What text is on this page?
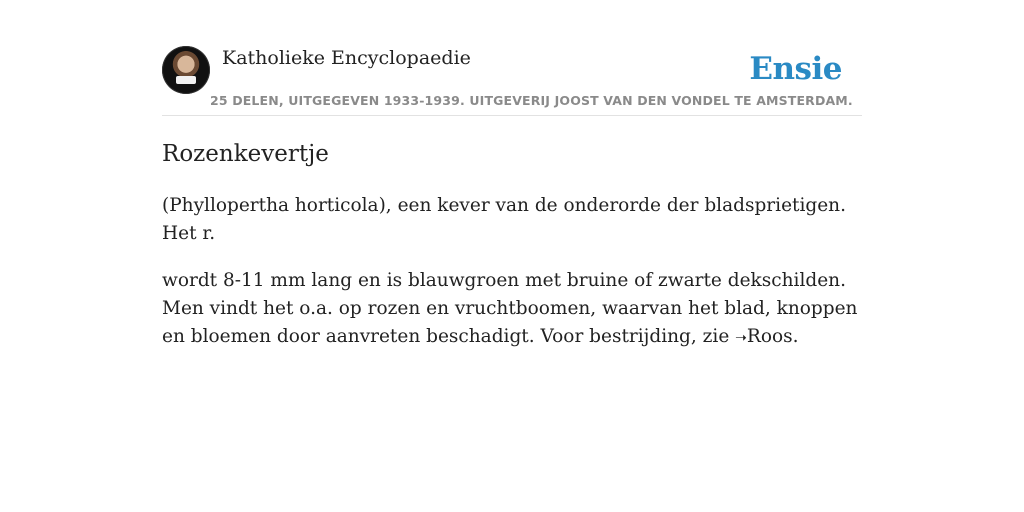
Katholieke Encyclopaedie	Ensie
25 DELEN, UITGEGEVEN 1933-1939. UITGEVERIJ JOOST VAN DEN VONDEL TE AMSTERDAM.
Rozenkevertje

(Phyllopertha horticola), een kever van de onderorde der bladsprietigen. Het r.

wordt 8-11 mm lang en is blauwgroen met bruine of zwarte dekschilden. Men vindt het o.a. op rozen en vruchtboomen, waarvan het blad, knoppen en bloemen door aanvreten beschadigt. Voor bestrijding, zie ➝Roos.
